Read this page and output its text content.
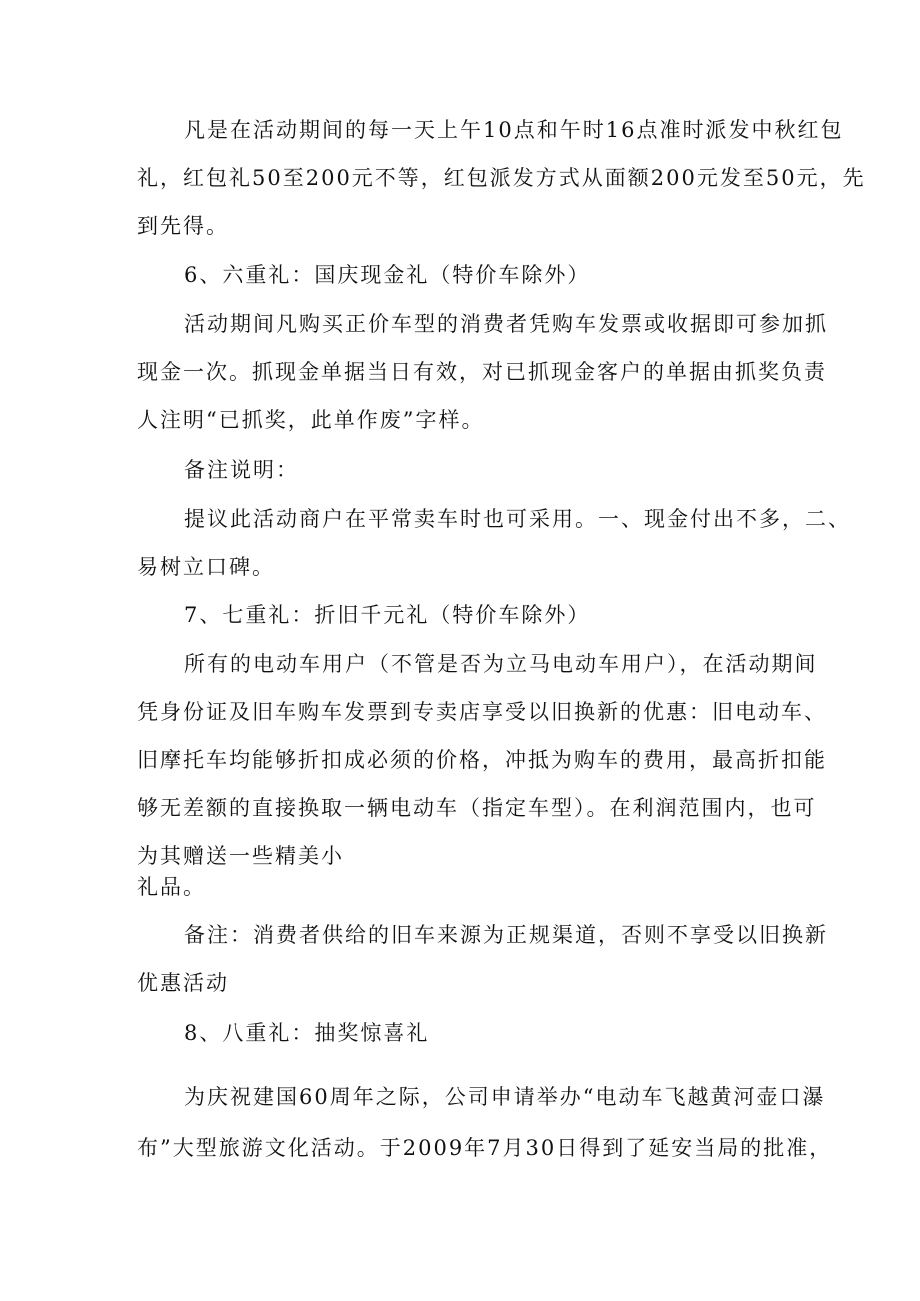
凡是在活动期间的每一天上午10点和午时16点准时派发中秋红包
礼，红包礼50至200元不等，红包派发方式从面额200元发至50元，先
到先得。
6、六重礼：国庆现金礼（特价车除外）
活动期间凡购买正价车型的消费者凭购车发票或收据即可参加抓
现金一次。抓现金单据当日有效，对已抓现金客户的单据由抓奖负责
人注明“已抓奖，此单作废”字样。
备注说明：
提议此活动商户在平常卖车时也可采用。一、现金付出不多，二、
易树立口碑。
7、七重礼：折旧千元礼（特价车除外）
所有的电动车用户（不管是否为立马电动车用户），在活动期间
凭身份证及旧车购车发票到专卖店享受以旧换新的优惠：旧电动车、
旧摩托车均能够折扣成必须的价格，冲抵为购车的费用，最高折扣能
够无差额的直接换取一辆电动车（指定车型）。在利润范围内，也可
为其赠送一些精美小
礼品。
备注：消费者供给的旧车来源为正规渠道，否则不享受以旧换新
优惠活动
8、八重礼：抽奖惊喜礼
为庆祝建国60周年之际，公司申请举办“电动车飞越黄河壶口瀑
布”大型旅游文化活动。于2009年7月30日得到了延安当局的批准，
